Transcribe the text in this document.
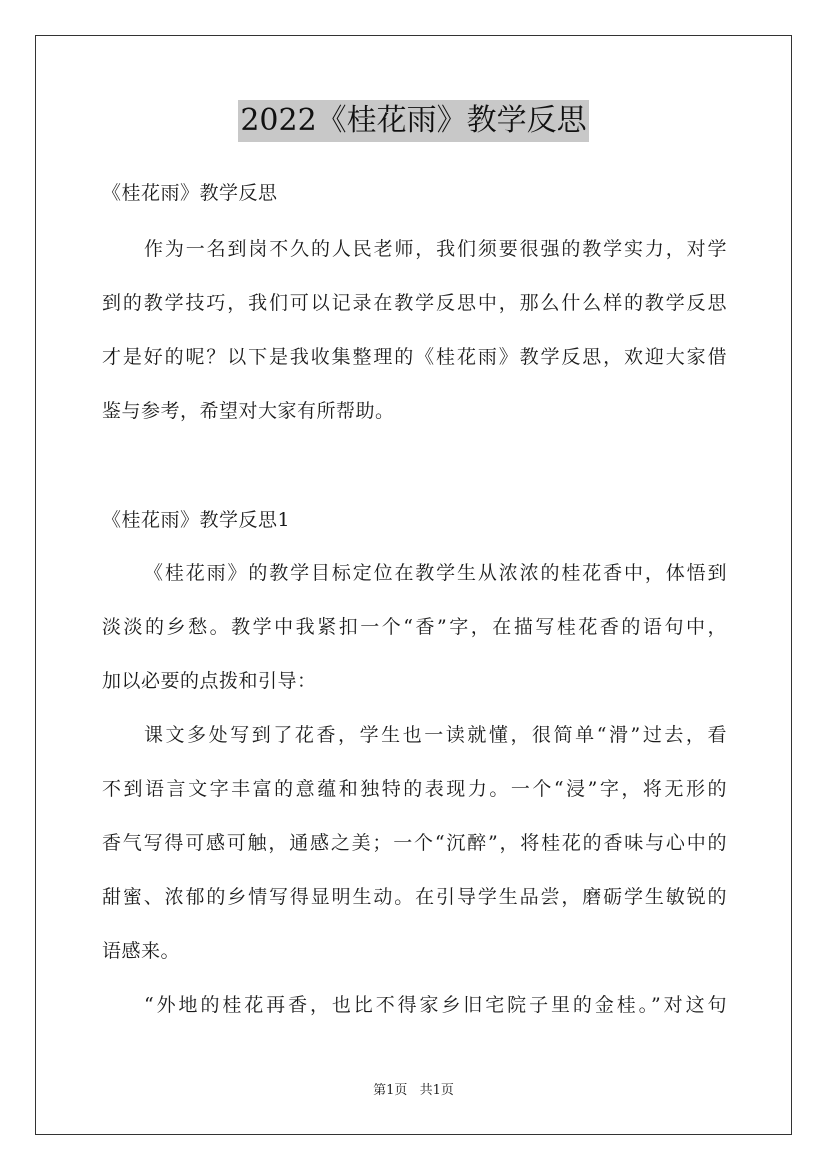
2022《桂花雨》教学反思
《桂花雨》教学反思
作为一名到岗不久的人民老师，我们须要很强的教学实力，对学
到的教学技巧，我们可以记录在教学反思中，那么什么样的教学反思
才是好的呢？以下是我收集整理的《桂花雨》教学反思，欢迎大家借
鉴与参考，希望对大家有所帮助。
《桂花雨》教学反思1
《桂花雨》的教学目标定位在教学生从浓浓的桂花香中，体悟到
淡淡的乡愁。教学中我紧扣一个“香”字，在描写桂花香的语句中，
加以必要的点拨和引导：
课文多处写到了花香，学生也一读就懂，很简单“滑”过去，看
不到语言文字丰富的意蕴和独特的表现力。一个“浸”字，将无形的
香气写得可感可触，通感之美；一个“沉醉”，将桂花的香味与心中的
甜蜜、浓郁的乡情写得显明生动。在引导学生品尝，磨砺学生敏锐的
语感来。
“外地的桂花再香，也比不得家乡旧宅院子里的金桂。”对这句
第1页 共1页
